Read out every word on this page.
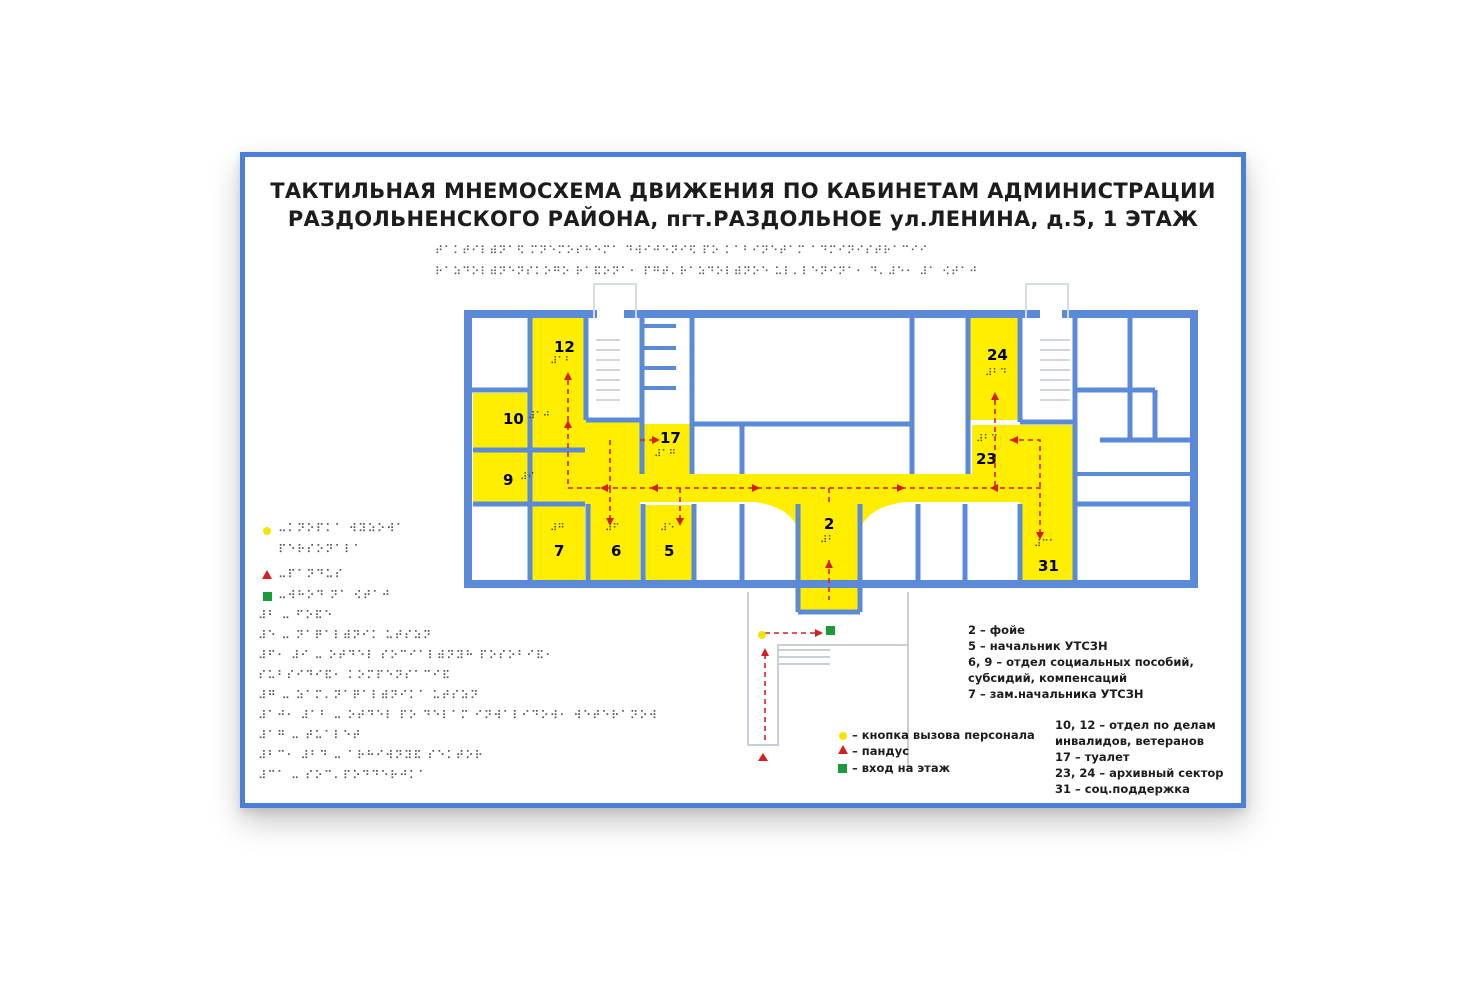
ТАКТИЛЬНАЯ МНЕМОСХЕМА ДВИЖЕНИЯ ПО КАБИНЕТАМ АДМИНИСТРАЦИИ
РАЗДОЛЬНЕНСКОГО РАЙОНА, пгт.РАЗДОЛЬНОЕ ул.ЛЕНИНА, д.5, 1 ЭТАЖ
⠞⠁⠅⠞⠊⠇⠾⠝⠁⠫ ⠍⠝⠑⠍⠕⠎⠓⠑⠍⠁ ⠙⠺⠊⠚⠑⠝⠊⠫ ⠏⠕ ⠅⠁⠃⠊⠝⠑⠞⠁⠍ ⠁⠙⠍⠊⠝⠊⠎⠞⠗⠁⠉⠊⠊
⠗⠁⠵⠙⠕⠇⠾⠝⠑⠝⠎⠅⠕⠛⠕ ⠗⠁⠯⠕⠝⠁⠂ ⠏⠛⠞⠄⠗⠁⠵⠙⠕⠇⠾⠝⠕⠑ ⠥⠇⠄⠇⠑⠝⠊⠝⠁⠂ ⠙⠄⠼⠑⠂ ⠼⠁ ⠪⠞⠁⠚
12
⠼⠁⠃
10 ⠼⠁⠚
9 ⠼⠊
17
⠼⠁⠛
⠼⠛
7
⠼⠋
6
⠼⠑
5
2
⠼⠃
24
⠼⠃⠙
⠼⠃⠉
23
⠼⠉⠁
31
⠤⠅⠝⠕⠏⠅⠁ ⠺⠽⠵⠕⠺⠁
⠏⠑⠗⠎⠕⠝⠁⠇⠁
⠤⠏⠁⠝⠙⠥⠎
⠤⠺⠓⠕⠙ ⠝⠁ ⠪⠞⠁⠚
⠼⠃ ⠤ ⠋⠕⠯⠑
⠼⠑ ⠤ ⠝⠁⠟⠁⠇⠾⠝⠊⠅ ⠥⠞⠎⠵⠝
⠼⠋⠂ ⠼⠊ ⠤ ⠕⠞⠙⠑⠇ ⠎⠕⠉⠊⠁⠇⠾⠝⠽⠓ ⠏⠕⠎⠕⠃⠊⠯⠂
⠎⠥⠃⠎⠊⠙⠊⠯⠂ ⠅⠕⠍⠏⠑⠝⠎⠁⠉⠊⠯
⠼⠛ ⠤ ⠵⠁⠍⠄⠝⠁⠟⠁⠇⠾⠝⠊⠅⠁ ⠥⠞⠎⠵⠝
⠼⠁⠚⠂ ⠼⠁⠃ ⠤ ⠕⠞⠙⠑⠇ ⠏⠕ ⠙⠑⠇⠁⠍ ⠊⠝⠺⠁⠇⠊⠙⠕⠺⠂ ⠺⠑⠞⠑⠗⠁⠝⠕⠺
⠼⠁⠛ ⠤ ⠞⠥⠁⠇⠑⠞
⠼⠃⠉⠂ ⠼⠃⠙ ⠤ ⠁⠗⠓⠊⠺⠝⠽⠯ ⠎⠑⠅⠞⠕⠗
⠼⠉⠁ ⠤ ⠎⠕⠉⠄⠏⠕⠙⠙⠑⠗⠚⠅⠁
– кнопка вызова персонала
– пандус
– вход на этаж
2 – фойе
5 – начальник УТСЗН
6, 9 – отдел социальных пособий,
субсидий, компенсаций
7 – зам.начальника УТСЗН
10, 12 – отдел по делам
инвалидов, ветеранов
17 – туалет
23, 24 – архивный сектор
31 – соц.поддержка
